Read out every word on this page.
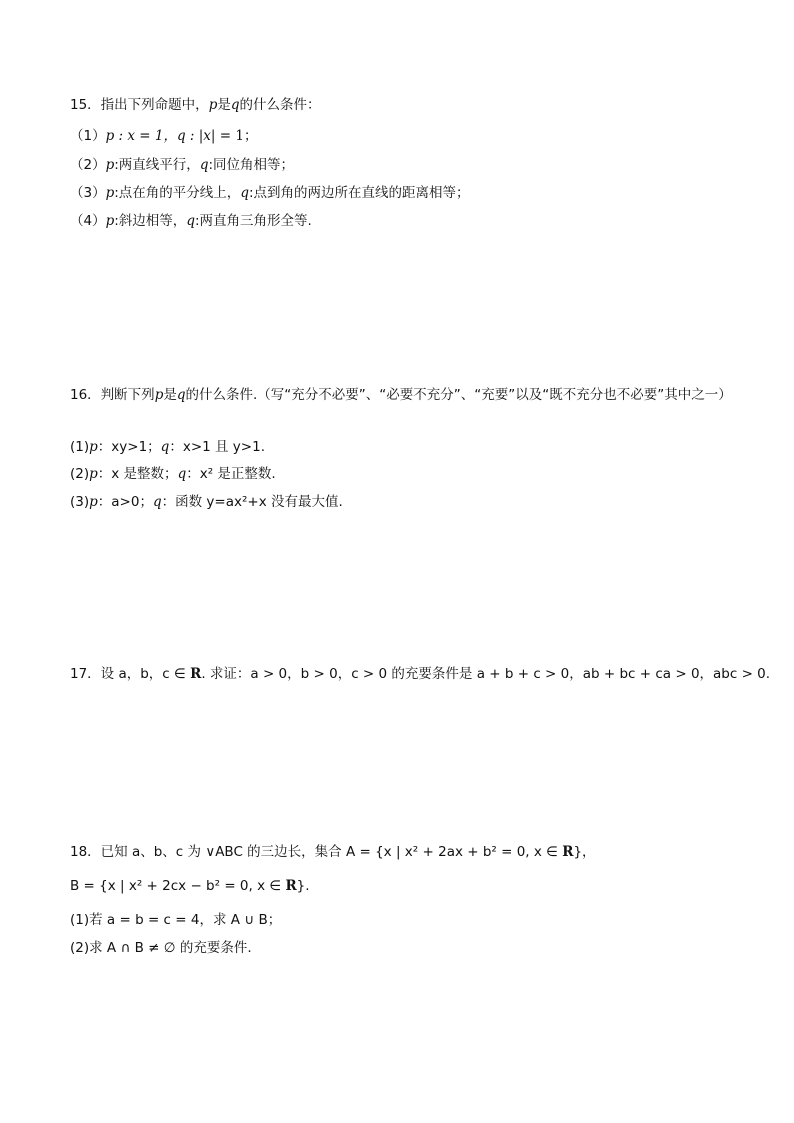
15．指出下列命题中，p是q的什么条件：
（1）p : x = 1，q : |x| = 1；
（2）p:两直线平行，q:同位角相等；
（3）p:点在角的平分线上，q:点到角的两边所在直线的距离相等；
（4）p:斜边相等，q:两直角三角形全等.
16．判断下列p是q的什么条件.（写“充分不必要”、“必要不充分”、“充要”以及“既不充分也不必要”其中之一）
(1)p：xy>1；q：x>1 且 y>1.
(2)p：x 是整数；q：x² 是正整数.
(3)p：a>0；q：函数 y=ax²+x 没有最大值.
17．设 a，b，c ∈ R. 求证：a > 0，b > 0，c > 0 的充要条件是 a + b + c > 0，ab + bc + ca > 0，abc > 0.
18．已知 a、b、c 为 ∨ABC 的三边长，集合 A = {x | x² + 2ax + b² = 0, x ∈ R}，
B = {x | x² + 2cx − b² = 0, x ∈ R}.
(1)若 a = b = c = 4，求 A ∪ B；
(2)求 A ∩ B ≠ ∅ 的充要条件.
